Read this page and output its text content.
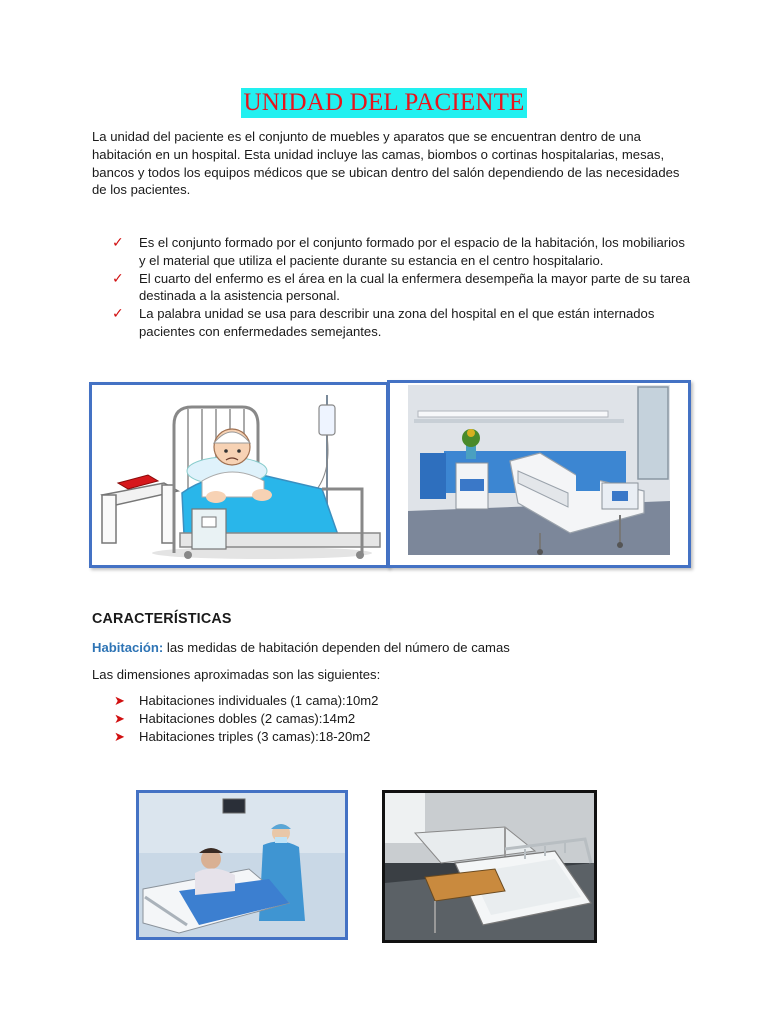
UNIDAD DEL PACIENTE

La unidad del paciente es el conjunto de muebles y aparatos que se encuentran dentro de una habitación en un hospital. Esta unidad incluye las camas, biombos o cortinas hospitalarias, mesas, bancos y todos los equipos médicos que se ubican dentro del salón dependiendo de las necesidades de los pacientes.

✓ Es el conjunto formado por el conjunto formado por el espacio de la habitación, los mobiliarios y el material que utiliza el paciente durante su estancia en el centro hospitalario.
✓ El cuarto del enfermo es el área en la cual la enfermera desempeña la mayor parte de su tarea destinada a la asistencia personal.
✓ La palabra unidad se usa para describir una zona del hospital en el que están internados pacientes con enfermedades semejantes.

CARACTERÍSTICAS

Habitación: las medidas de habitación dependen del número de camas

Las dimensiones aproximadas son las siguientes:

➤ Habitaciones individuales (1 cama):10m2
➤ Habitaciones dobles (2 camas):14m2
➤ Habitaciones triples (3 camas):18-20m2
